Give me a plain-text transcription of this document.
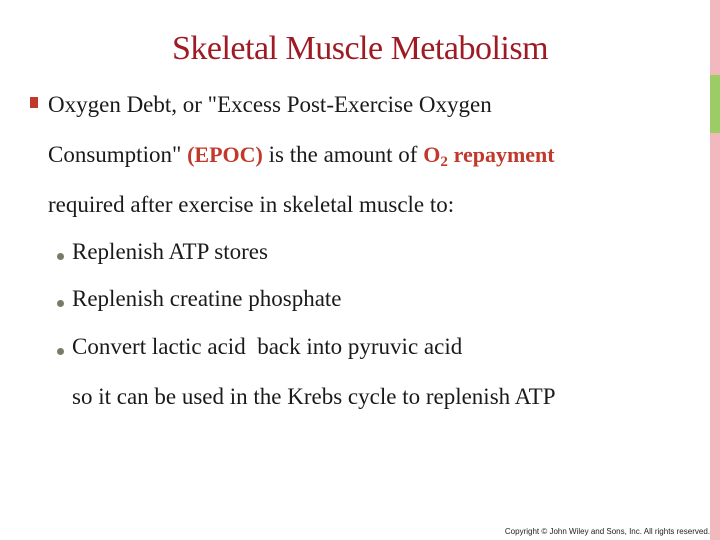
Skeletal Muscle Metabolism
Oxygen Debt, or "Excess Post-Exercise Oxygen
Consumption" (EPOC) is the amount of $O_2$ repayment
required after exercise in skeletal muscle to:
Replenish ATP stores
Replenish creatine phosphate
Convert lactic acid  back into pyruvic acid
so it can be used in the Krebs cycle to replenish ATP
Copyright © John Wiley and Sons, Inc. All rights reserved.
